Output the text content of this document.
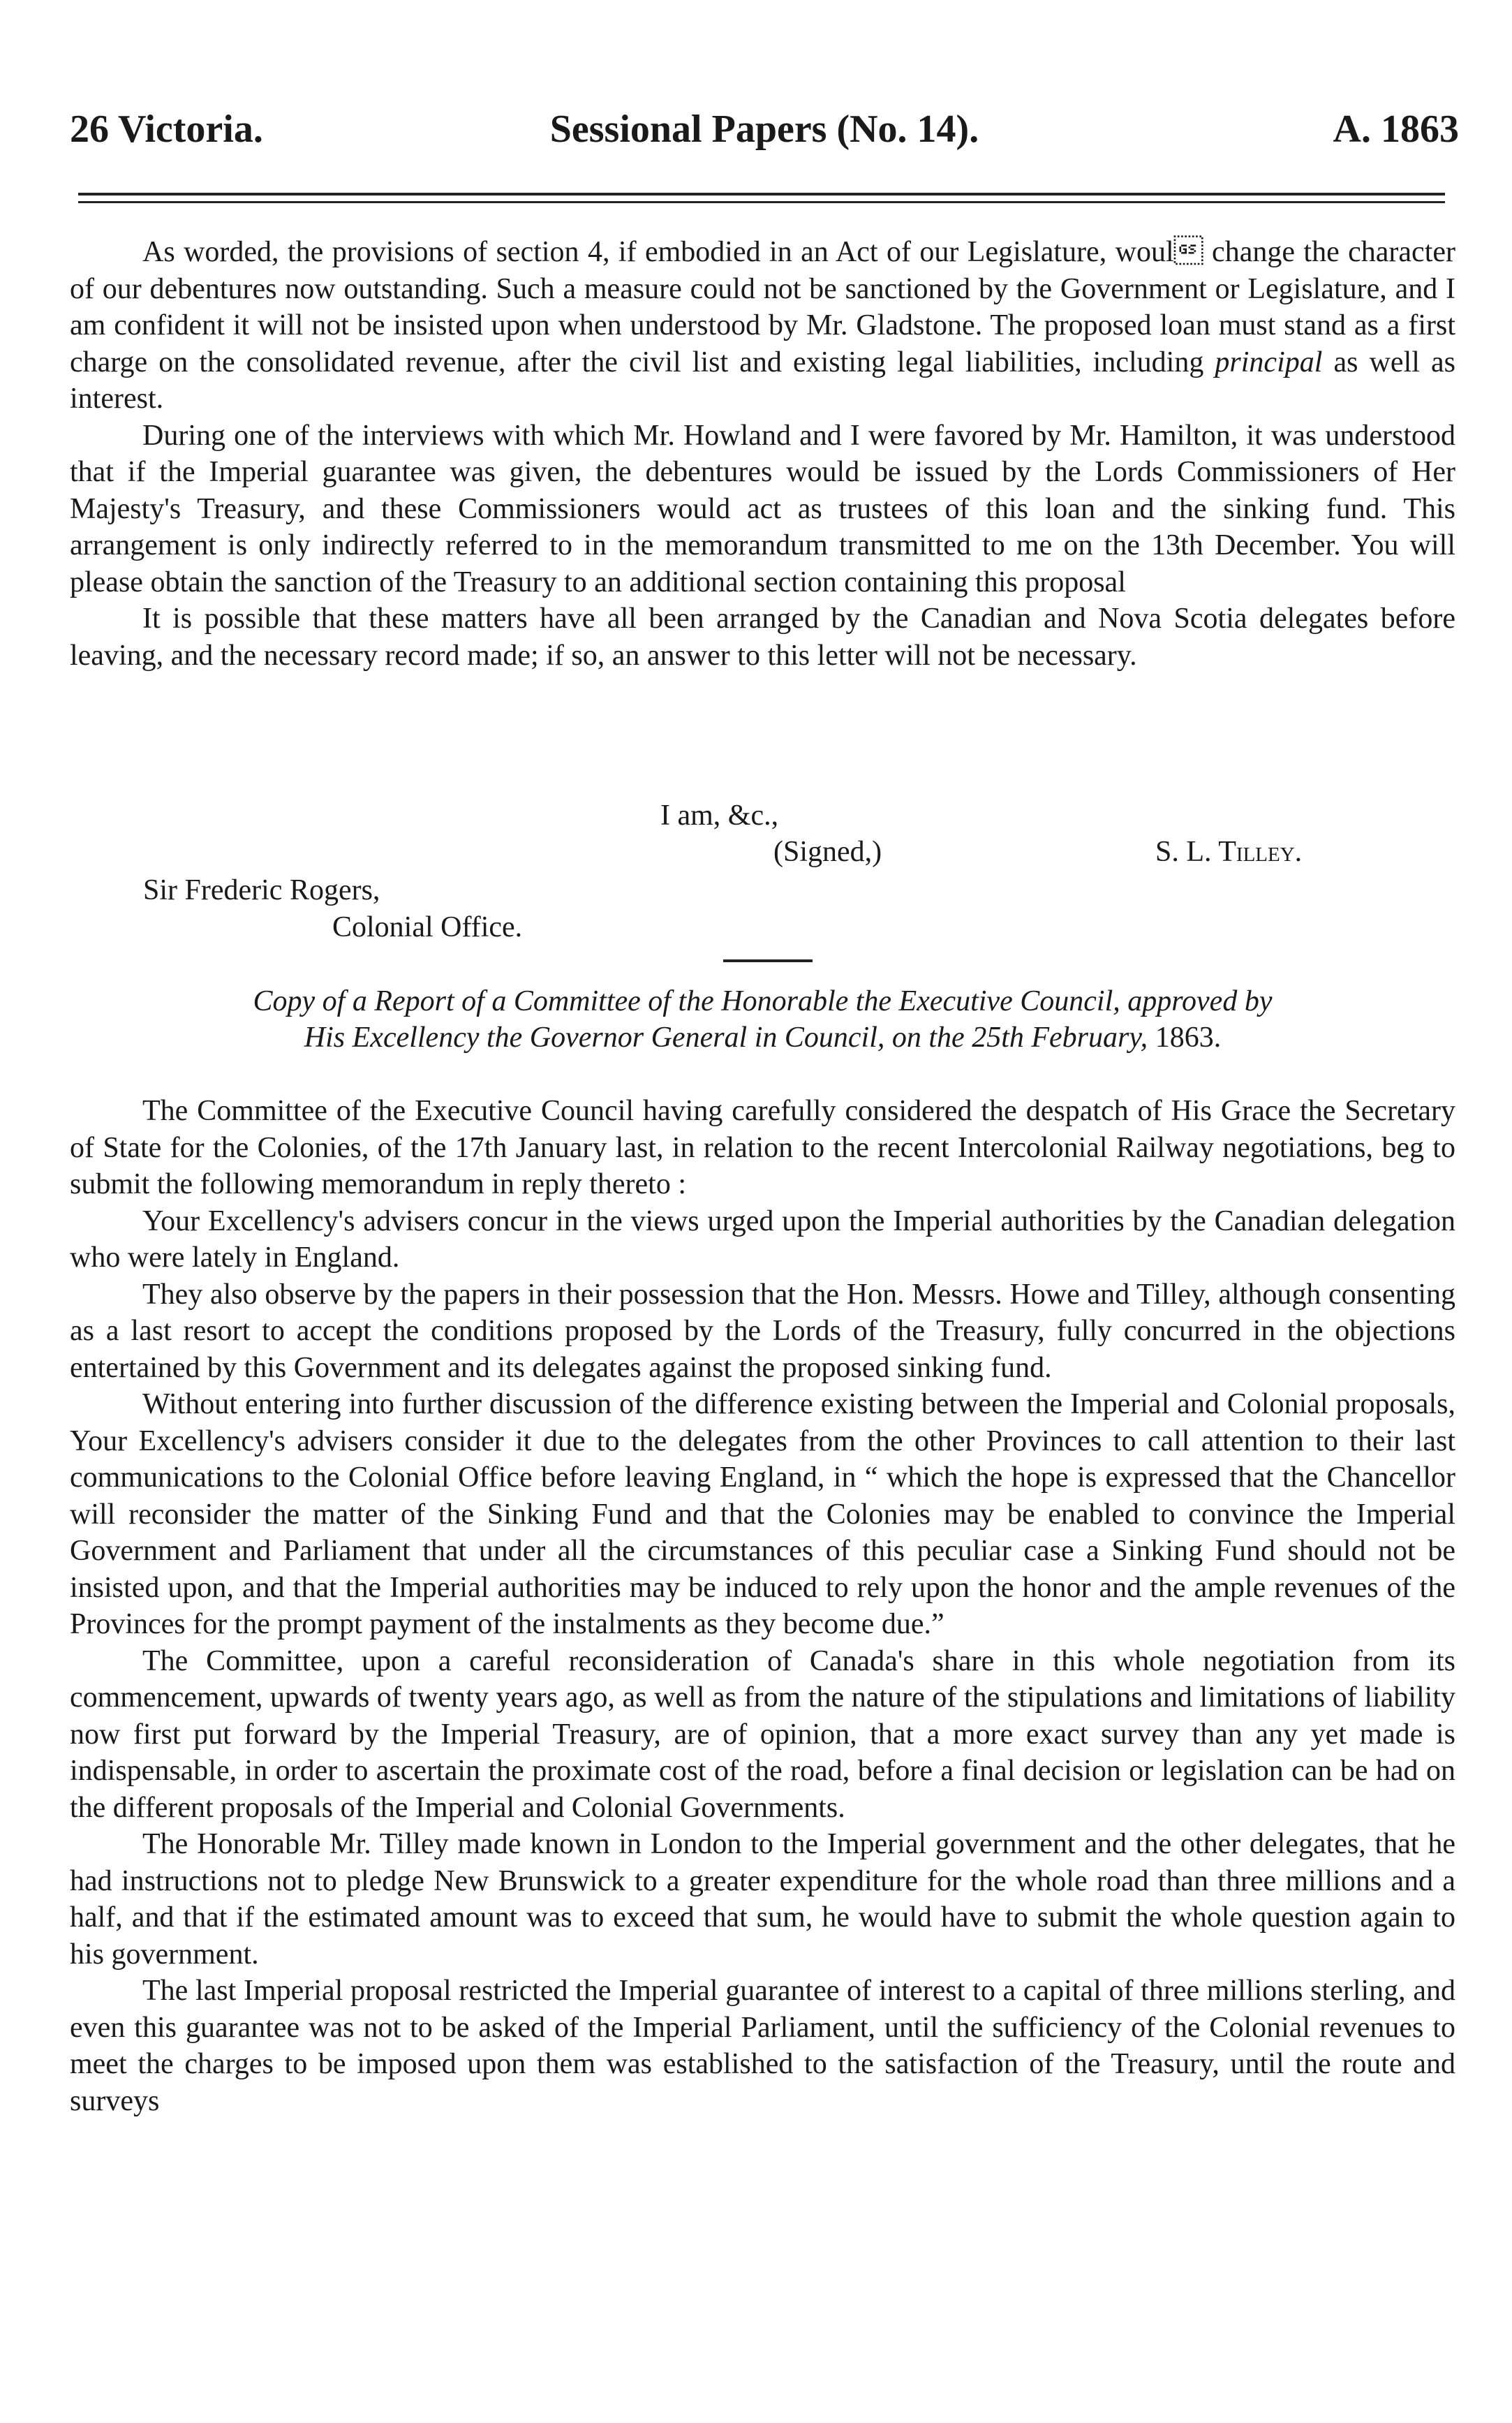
26 Victoria.	Sessional Papers (No. 14).	A. 1863

As worded, the provisions of section 4, if embodied in an Act of our Legislature, woul change the character of our debentures now outstanding. Such a measure could not be sanctioned by the Government or Legislature, and I am confident it will not be insisted upon when understood by Mr. Gladstone. The proposed loan must stand as a first charge on the consolidated revenue, after the civil list and existing legal liabilities, including principal as well as interest.

During one of the interviews with which Mr. Howland and I were favored by Mr. Hamilton, it was understood that if the Imperial guarantee was given, the debentures would be issued by the Lords Commissioners of Her Majesty's Treasury, and these Commissioners would act as trustees of this loan and the sinking fund. This arrangement is only indirectly referred to in the memorandum transmitted to me on the 13th December. You will please obtain the sanction of the Treasury to an additional section containing this proposal

It is possible that these matters have all been arranged by the Canadian and Nova Scotia delegates before leaving, and the necessary record made; if so, an answer to this letter will not be necessary.

I am, &c.,
(Signed,)	S. L. Tilley.
Sir Frederic Rogers,
Colonial Office.
Copy of a Report of a Committee of the Honorable the Executive Council, approved by
His Excellency the Governor General in Council, on the 25th February, 1863.

The Committee of the Executive Council having carefully considered the despatch of His Grace the Secretary of State for the Colonies, of the 17th January last, in relation to the recent Intercolonial Railway negotiations, beg to submit the following memorandum in reply thereto :

Your Excellency's advisers concur in the views urged upon the Imperial authorities by the Canadian delegation who were lately in England.

They also observe by the papers in their possession that the Hon. Messrs. Howe and Tilley, although consenting as a last resort to accept the conditions proposed by the Lords of the Treasury, fully concurred in the objections entertained by this Government and its delegates against the proposed sinking fund.

Without entering into further discussion of the difference existing between the Imperial and Colonial proposals, Your Excellency's advisers consider it due to the delegates from the other Provinces to call attention to their last communications to the Colonial Office before leaving England, in “ which the hope is expressed that the Chancellor will reconsider the matter of the Sinking Fund and that the Colonies may be enabled to convince the Imperial Government and Parliament that under all the circumstances of this peculiar case a Sinking Fund should not be insisted upon, and that the Imperial authorities may be induced to rely upon the honor and the ample revenues of the Provinces for the prompt payment of the instalments as they become due.”

The Committee, upon a careful reconsideration of Canada's share in this whole negotiation from its commencement, upwards of twenty years ago, as well as from the nature of the stipulations and limitations of liability now first put forward by the Imperial Treasury, are of opinion, that a more exact survey than any yet made is indispensable, in order to ascertain the proximate cost of the road, before a final decision or legislation can be had on the different proposals of the Imperial and Colonial Governments.

The Honorable Mr. Tilley made known in London to the Imperial government and the other delegates, that he had instructions not to pledge New Brunswick to a greater expenditure for the whole road than three millions and a half, and that if the estimated amount was to exceed that sum, he would have to submit the whole question again to his government.

The last Imperial proposal restricted the Imperial guarantee of interest to a capital of three millions sterling, and even this guarantee was not to be asked of the Imperial Parliament, until the sufficiency of the Colonial revenues to meet the charges to be imposed upon them was established to the satisfaction of the Treasury, until the route and surveys
